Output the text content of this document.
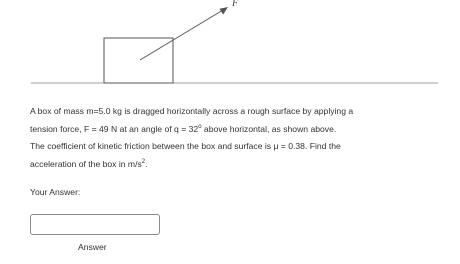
F

A box of mass m=5.0 kg is dragged horizontally across a rough surface by applying a

tension force, F = 49 N at an angle of $q = 32^o$ above horizontal, as shown above.

The coefficient of kinetic friction between the box and surface is μ = 0.38. Find the

acceleration of the box in $m/s^2$.

Your Answer:
Answer
